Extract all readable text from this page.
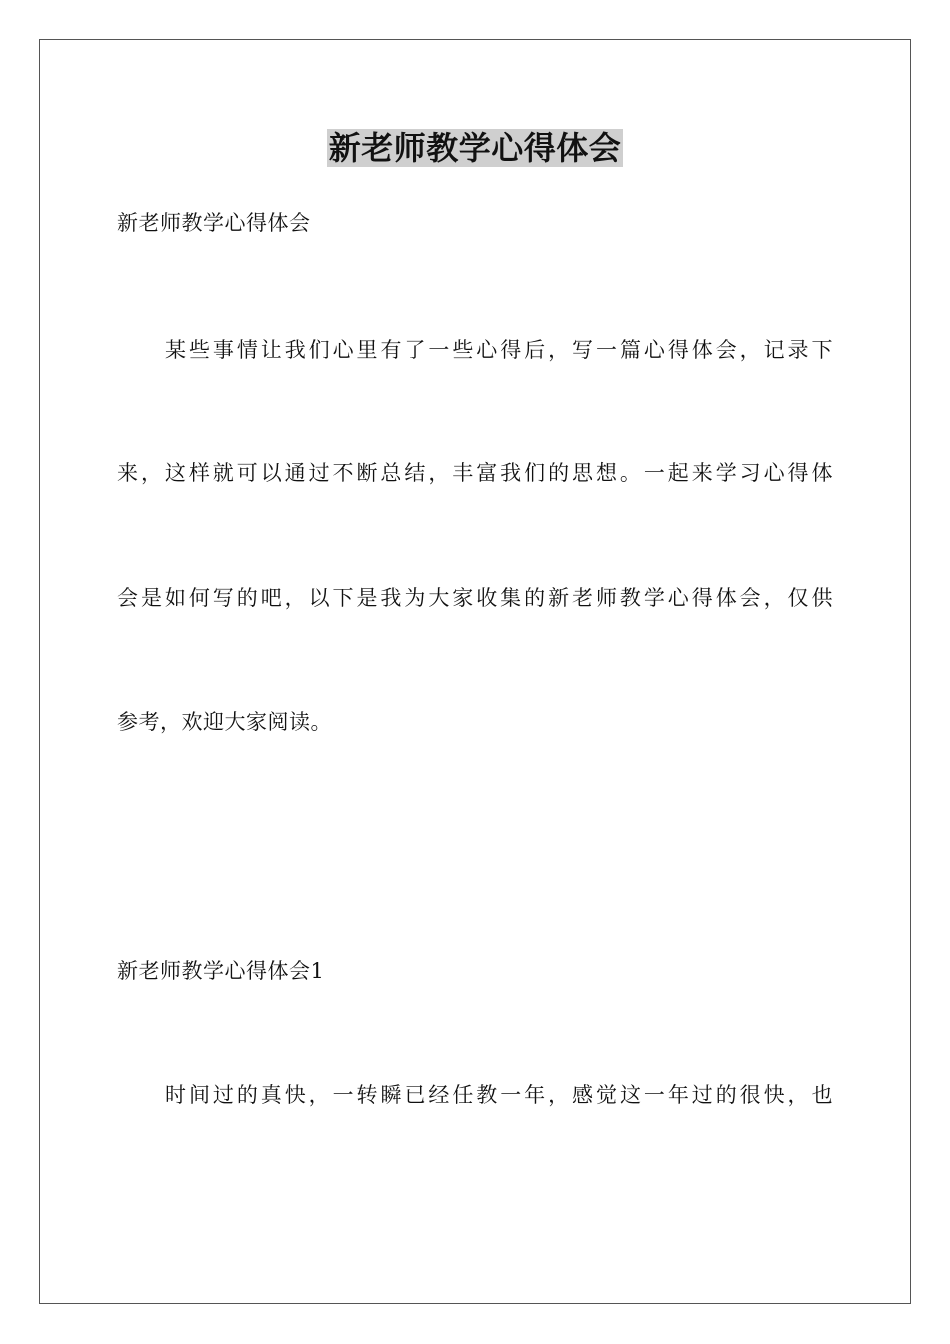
新老师教学心得体会

新老师教学心得体会

某些事情让我们心里有了一些心得后，写一篇心得体会，记录下

来，这样就可以通过不断总结，丰富我们的思想。一起来学习心得体

会是如何写的吧，以下是我为大家收集的新老师教学心得体会，仅供

参考，欢迎大家阅读。

新老师教学心得体会1

时间过的真快，一转瞬已经任教一年，感觉这一年过的很快，也
